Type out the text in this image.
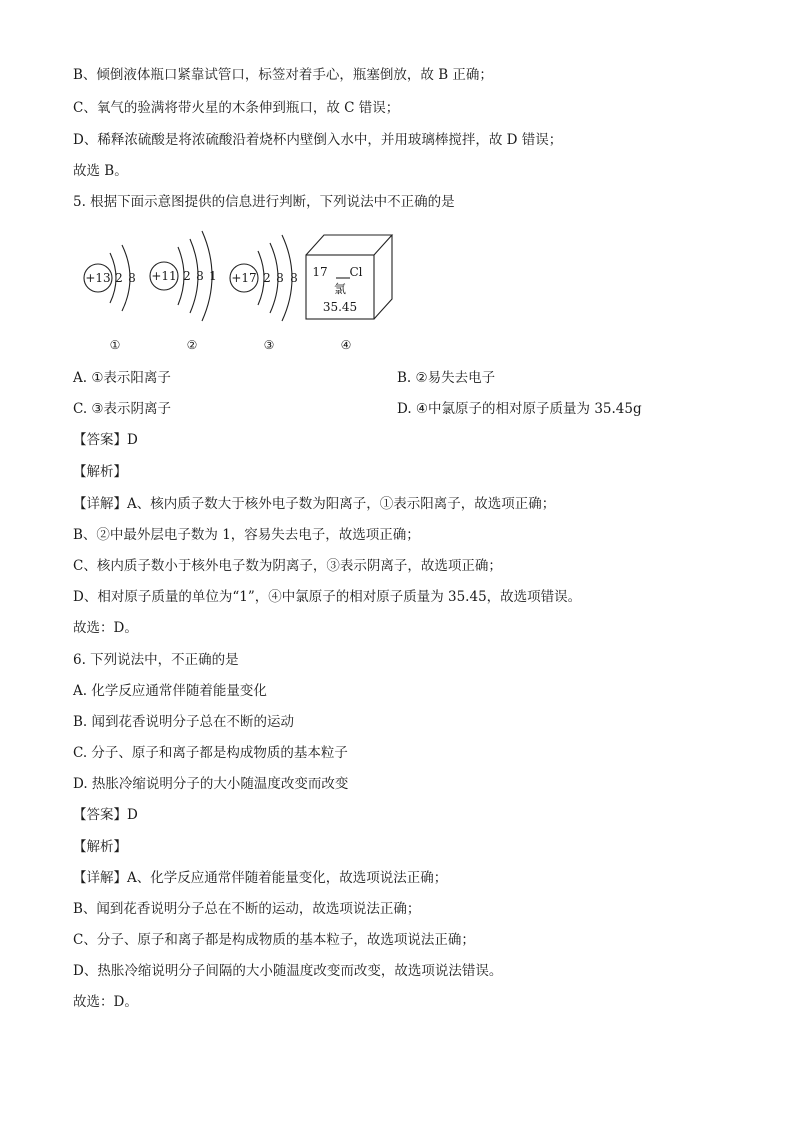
B、倾倒液体瓶口紧靠试管口，标签对着手心，瓶塞倒放，故 B 正确；
C、氧气的验满将带火星的木条伸到瓶口，故 C 错误；
D、稀释浓硫酸是将浓硫酸沿着烧杯内壁倒入水中，并用玻璃棒搅拌，故 D 错误；
故选 B。
5. 根据下面示意图提供的信息进行判断，下列说法中不正确的是
+13 2 8 +11 2 8 1 +17 2 8 8 17 Cl
氯
35.45
①	②	③	④
A. ①表示阳离子	B. ②易失去电子
C. ③表示阴离子	D. ④中氯原子的相对原子质量为 35.45g
【答案】D
【解析】
【详解】A、核内质子数大于核外电子数为阳离子，①表示阳离子，故选项正确；
B、②中最外层电子数为 1，容易失去电子，故选项正确；
C、核内质子数小于核外电子数为阴离子，③表示阴离子，故选项正确；
D、相对原子质量的单位为“1”，④中氯原子的相对原子质量为 35.45，故选项错误。
故选：D。
6. 下列说法中，不正确的是
A. 化学反应通常伴随着能量变化
B. 闻到花香说明分子总在不断的运动
C. 分子、原子和离子都是构成物质的基本粒子
D. 热胀冷缩说明分子的大小随温度改变而改变
【答案】D
【解析】
【详解】A、化学反应通常伴随着能量变化，故选项说法正确；
B、闻到花香说明分子总在不断的运动，故选项说法正确；
C、分子、原子和离子都是构成物质的基本粒子，故选项说法正确；
D、热胀冷缩说明分子间隔的大小随温度改变而改变，故选项说法错误。
故选：D。
